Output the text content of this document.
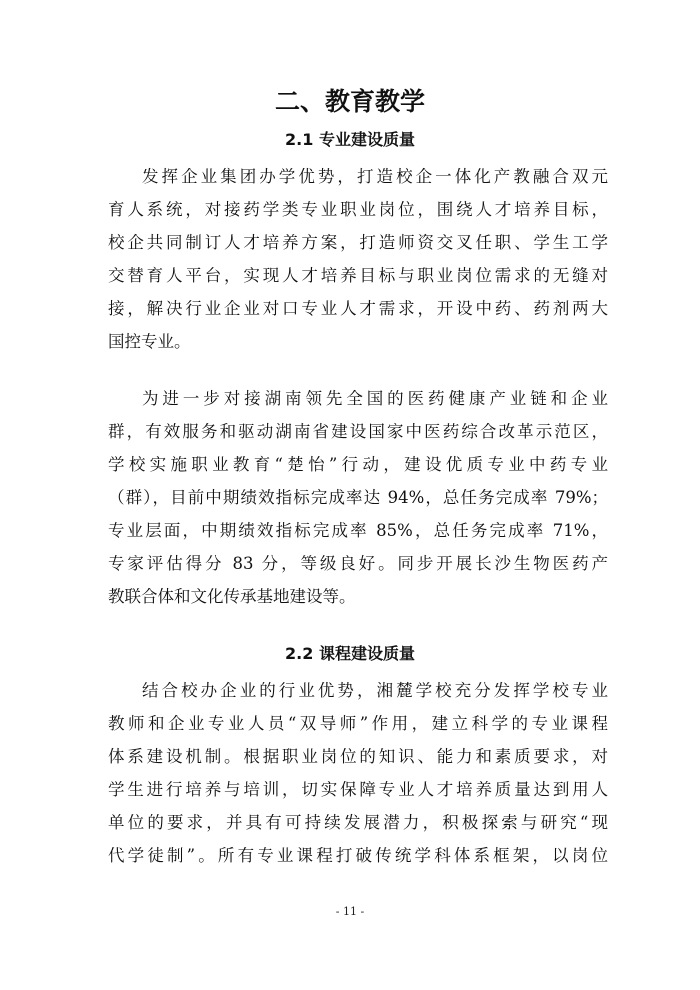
二、教育教学
2.1 专业建设质量

发挥企业集团办学优势，打造校企一体化产教融合双元
育人系统，对接药学类专业职业岗位，围绕人才培养目标，
校企共同制订人才培养方案，打造师资交叉任职、学生工学
交替育人平台，实现人才培养目标与职业岗位需求的无缝对
接，解决行业企业对口专业人才需求，开设中药、药剂两大
国控专业。

为进一步对接湖南领先全国的医药健康产业链和企业
群，有效服务和驱动湖南省建设国家中医药综合改革示范区，
学校实施职业教育“楚怡”行动，建设优质专业中药专业
（群），目前中期绩效指标完成率达 94%，总任务完成率 79%；
专业层面，中期绩效指标完成率 85%，总任务完成率 71%，
专家评估得分 83 分，等级良好。同步开展长沙生物医药产
教联合体和文化传承基地建设等。

2.2 课程建设质量

结合校办企业的行业优势，湘麓学校充分发挥学校专业
教师和企业专业人员“双导师”作用，建立科学的专业课程
体系建设机制。根据职业岗位的知识、能力和素质要求，对
学生进行培养与培训，切实保障专业人才培养质量达到用人
单位的要求，并具有可持续发展潜力，积极探索与研究“现
代学徒制”。所有专业课程打破传统学科体系框架，以岗位

- 11 -
